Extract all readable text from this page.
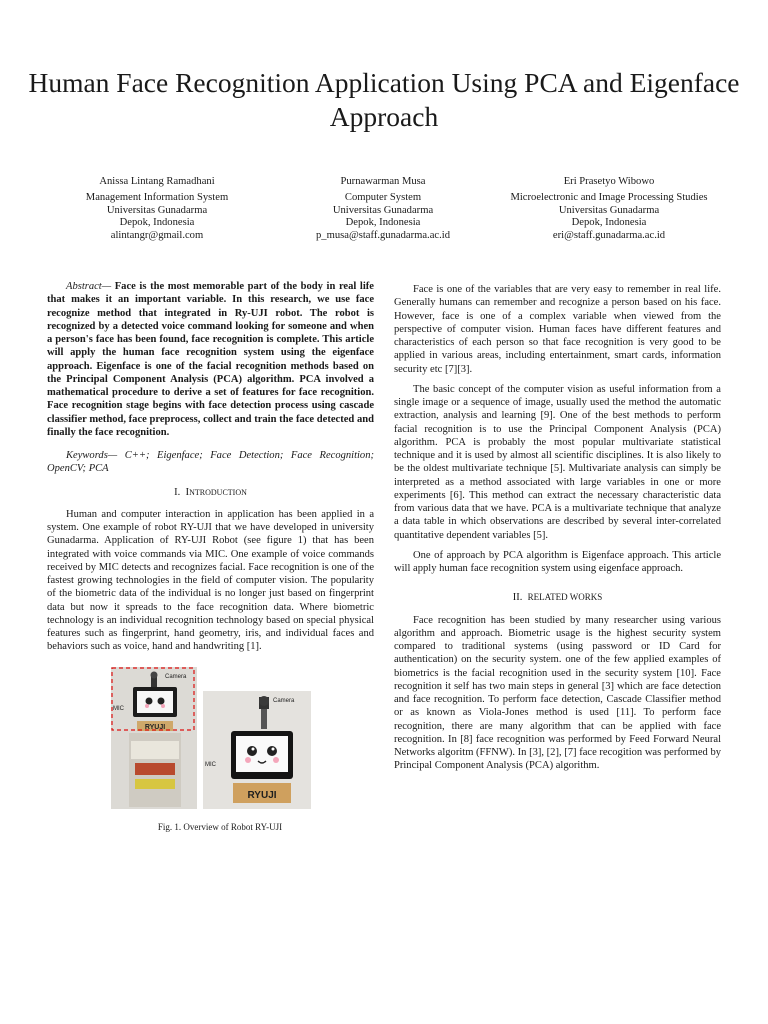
Human Face Recognition Application Using PCA and Eigenface Approach
Anissa Lintang Ramadhani
Management Information System
Universitas Gunadarma
Depok, Indonesia
alintangr@gmail.com
Purnawarman Musa
Computer System
Universitas Gunadarma
Depok, Indonesia
p_musa@staff.gunadarma.ac.id
Eri Prasetyo Wibowo
Microelectronic and Image Processing Studies
Universitas Gunadarma
Depok, Indonesia
eri@staff.gunadarma.ac.id

Abstract— Face is the most memorable part of the body in real life that makes it an important variable. In this research, we use face recognize method that integrated in Ry-UJI robot. The robot is recognized by a detected voice command looking for someone and when a person's face has been found, face recognition is complete. This article will apply the human face recognition system using the eigenface approach. Eigenface is one of the facial recognition methods based on the Principal Component Analysis (PCA) algorithm. PCA involved a mathematical procedure to derive a set of features for face recognition. Face recognition stage begins with face detection process using cascade classifier method, face preprocess, collect and train the face detected and finally the face recognition.

Keywords— C++; Eigenface; Face Detection; Face Recognition; OpenCV; PCA

I. Introduction

Human and computer interaction in application has been applied in a system. One example of robot RY-UJI that we have developed in university Gunadarma. Application of RY-UJI Robot (see figure 1) that has been integrated with voice commands via MIC. One example of voice commands received by MIC detects and recognizes facial. Face recognition is one of the fastest growing technologies in the field of computer vision. The popularity of the biometric data of the individual is no longer just based on fingerprint data but now it spreads to the face recognition data. Where biometric technology is an individual recognition technology based on special physical features such as fingerprint, hand geometry, iris, and individual faces and behaviors such as voice, hand and handwriting [1].

RYUJI
Camera
MIC
RYUJI
Camera
MIC

Fig. 1. Overview of Robot RY-UJI

Face is one of the variables that are very easy to remember in real life. Generally humans can remember and recognize a person based on his face. However, face is one of a complex variable when viewed from the perspective of computer vision. Human faces have different features and characteristics of each person so that face recognition is very good to be applied in various areas, including entertainment, smart cards, information security etc [7][3].

The basic concept of the computer vision as useful information from a single image or a sequence of image, usually used the method the automatic extraction, analysis and learning [9]. One of the best methods to perform facial recognition is to use the Principal Component Analysis (PCA) algorithm. PCA is probably the most popular multivariate statistical technique and it is used by almost all scientific disciplines. It is also likely to be the oldest multivariate technique [5]. Multivariate analysis can simply be interpreted as a method associated with large variables in one or more experiments [6]. This method can extract the necessary characteristic data from various data that we have. PCA is a multivariate technique that analyze a data table in which observations are described by several inter-correlated quantitative dependent variables [5].

One of approach by PCA algorithm is Eigenface approach. This article will apply human face recognition system using eigenface approach.

II. RELATED WORKS

Face recognition has been studied by many researcher using various algorithm and approach. Biometric usage is the highest security system compared to traditional systems (using password or ID Card for authentication) on the security system. one of the few applied examples of biometrics is the facial recognition used in the security system [10]. Face recognition it self has two main steps in general [3] which are face detection and face recognition. To perform face detection, Cascade Classifier method or as known as Viola-Jones method is used [11]. To perform face recognition, there are many algorithm that can be applied with face recognition. In [8] face recognition was performed by Feed Forward Neural Networks algoritm (FFNW). In [3], [2], [7] face recogition was performed by Principal Component Analysis (PCA) algorithm.
